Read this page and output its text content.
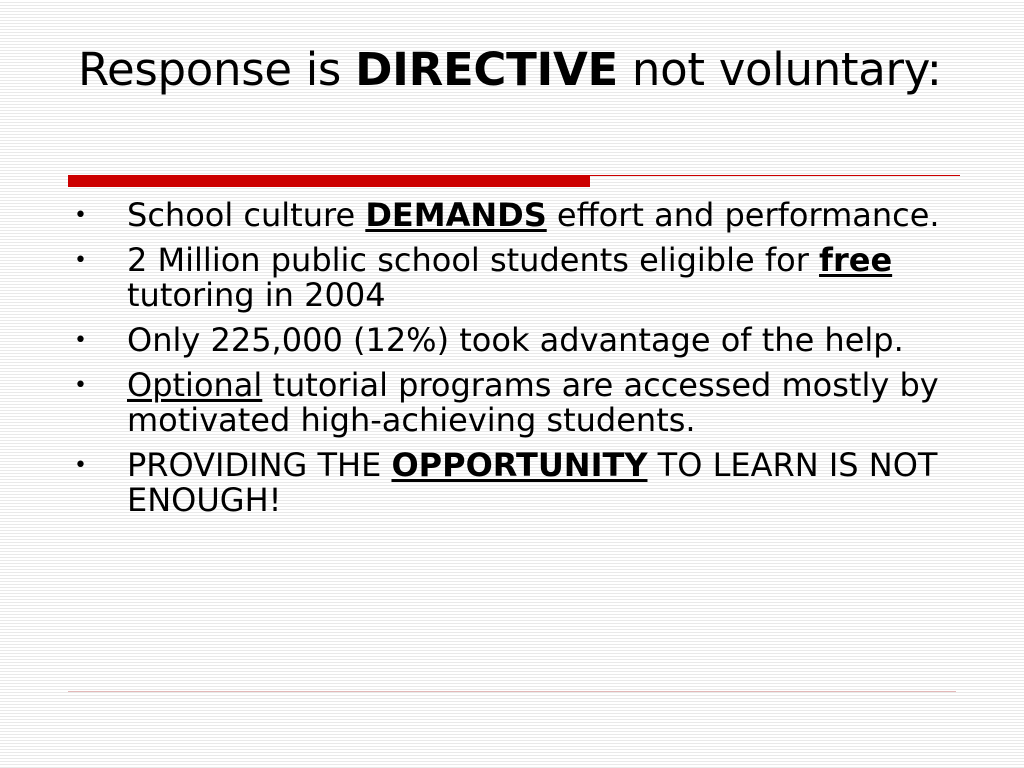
Response is DIRECTIVE not voluntary:
•	School culture DEMANDS effort and performance.
•	2 Million public school students eligible for free tutoring in 2004
•	Only 225,000 (12%) took advantage of the help.
•	Optional tutorial programs are accessed mostly by motivated high-achieving students.
•	PROVIDING THE OPPORTUNITY TO LEARN IS NOT ENOUGH!
